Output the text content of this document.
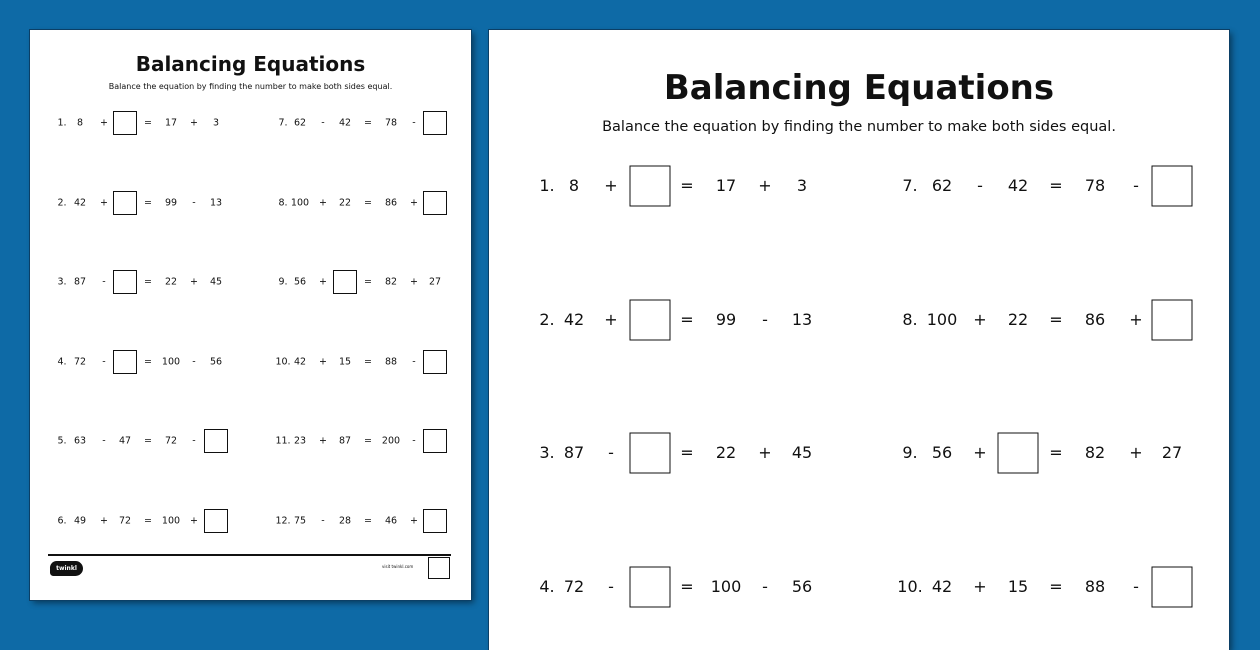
Balancing Equations
Balance the equation by finding the number to make both sides equal.
1. 8 +	= 17 + 3
2. 42 +	= 99 - 13
3. 87 -	= 22 + 45
4. 72 -	= 100 - 56
5. 63 - 47 = 72 -
6. 49 + 72 = 100 +
7. 62 - 42 = 78 -
8. 100 + 22 = 86 +
9. 56 +	= 82 + 27
10. 42 + 15 = 88 -
11. 23 + 87 = 200 -
12. 75 - 28 = 46 +
twinkl	visit twinkl.com
Balancing Equations
Balance the equation by finding the number to make both sides equal.
1. 8 +	= 17 + 3
2. 42 +	= 99 - 13
3. 87 -	= 22 + 45
4. 72 -	= 100 - 56
7. 62 - 42 = 78 -
8. 100 + 22 = 86 +
9. 56 +	= 82 + 27
10. 42 + 15 = 88 -
